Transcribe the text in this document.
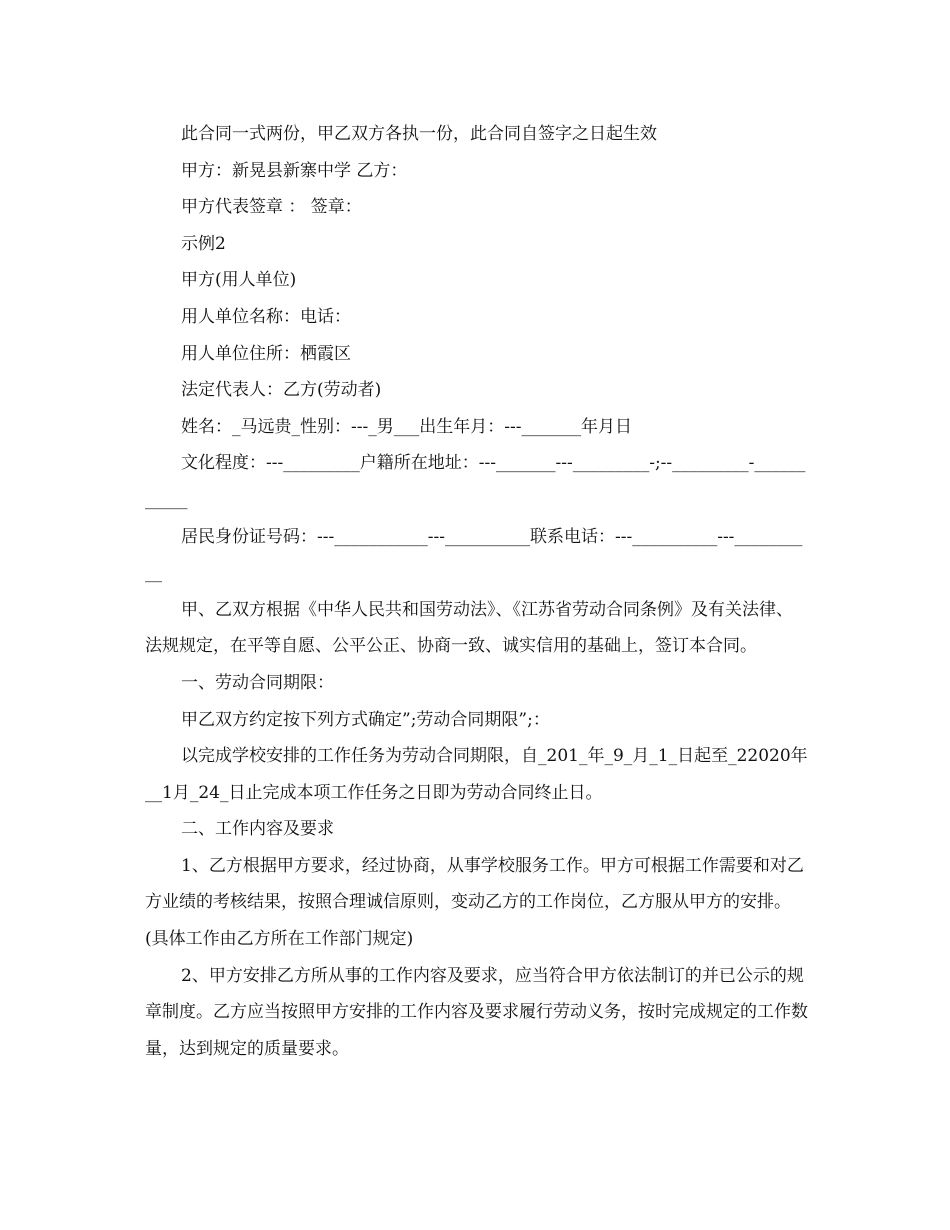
此合同一式两份，甲乙双方各执一份，此合同自签字之日起生效

甲方：新晃县新寨中学 乙方：

甲方代表签章 ： 签章：

示例2

甲方(用人单位)

用人单位名称：电话：

用人单位住所：栖霞区

法定代表人：乙方(劳动者)

姓名：_马远贵_性别：---_男___出生年月：---_______年月日

文化程度：---_________户籍所在地址：---_______---_________-;--_________-___________

居民身份证号码：---___________---__________联系电话：---__________---__________

甲、乙双方根据《中华人民共和国劳动法》、《江苏省劳动合同条例》及有关法律、法规规定，在平等自愿、公平公正、协商一致、诚实信用的基础上，签订本合同。

一、劳动合同期限：

甲乙双方约定按下列方式确定”;劳动合同期限”;：

以完成学校安排的工作任务为劳动合同期限，自_201_年_9_月_1_日起至_22020年__1月_24_日止完成本项工作任务之日即为劳动合同终止日。

二、工作内容及要求

1、乙方根据甲方要求，经过协商，从事学校服务工作。甲方可根据工作需要和对乙方业绩的考核结果，按照合理诚信原则，变动乙方的工作岗位，乙方服从甲方的安排。(具体工作由乙方所在工作部门规定)

2、甲方安排乙方所从事的工作内容及要求，应当符合甲方依法制订的并已公示的规章制度。乙方应当按照甲方安排的工作内容及要求履行劳动义务，按时完成规定的工作数量，达到规定的质量要求。
